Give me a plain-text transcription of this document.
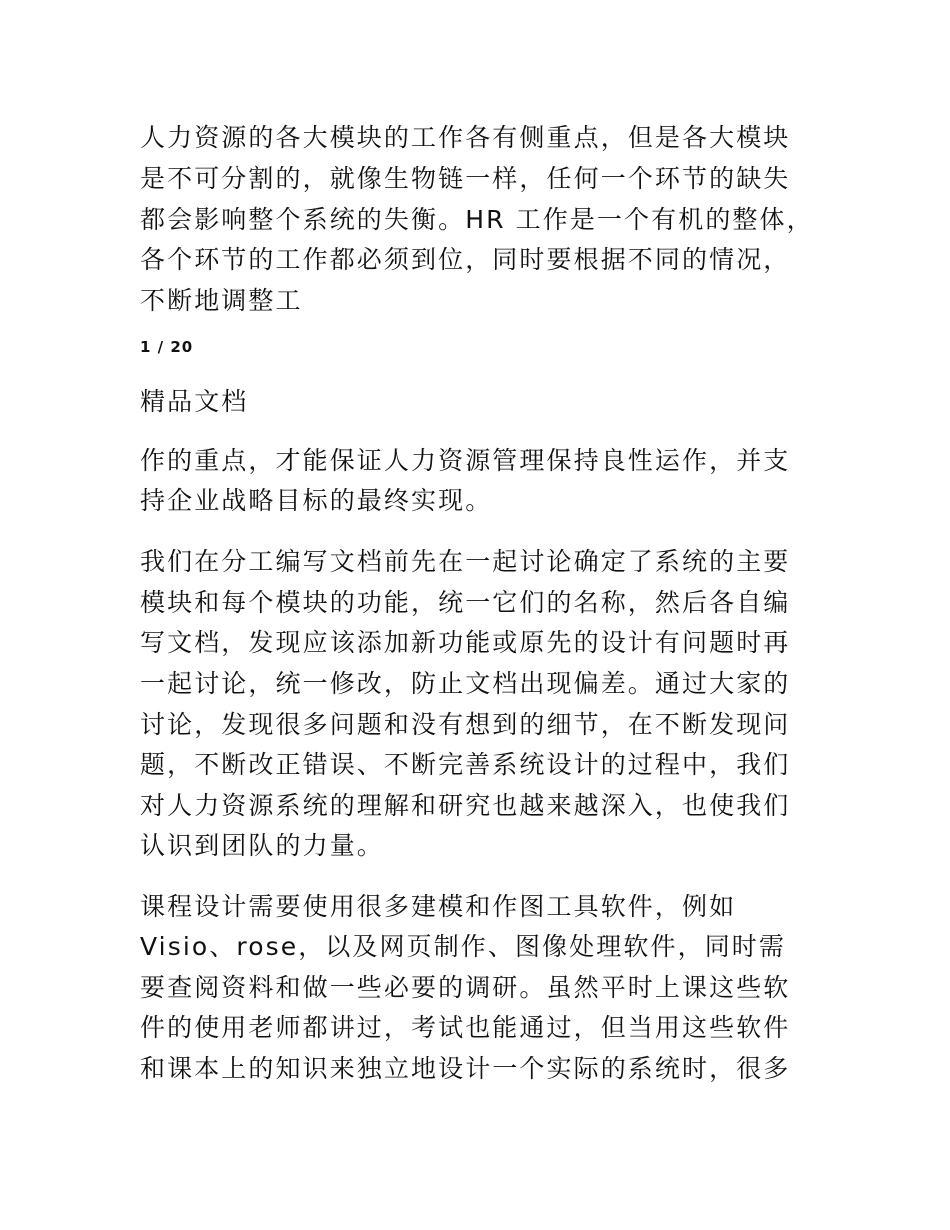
人力资源的各大模块的工作各有侧重点，但是各大模块

是不可分割的，就像生物链一样，任何一个环节的缺失

都会影响整个系统的失衡。HR 工作是一个有机的整体，

各个环节的工作都必须到位，同时要根据不同的情况，

不断地调整工

1 / 20
精品文档

作的重点，才能保证人力资源管理保持良性运作，并支

持企业战略目标的最终实现。

我们在分工编写文档前先在一起讨论确定了系统的主要

模块和每个模块的功能，统一它们的名称，然后各自编

写文档，发现应该添加新功能或原先的设计有问题时再

一起讨论，统一修改，防止文档出现偏差。通过大家的

讨论，发现很多问题和没有想到的细节，在不断发现问

题，不断改正错误、不断完善系统设计的过程中，我们

对人力资源系统的理解和研究也越来越深入，也使我们

认识到团队的力量。

课程设计需要使用很多建模和作图工具软件，例如

Visio、rose，以及网页制作、图像处理软件，同时需

要查阅资料和做一些必要的调研。虽然平时上课这些软

件的使用老师都讲过，考试也能通过，但当用这些软件

和课本上的知识来独立地设计一个实际的系统时，很多
